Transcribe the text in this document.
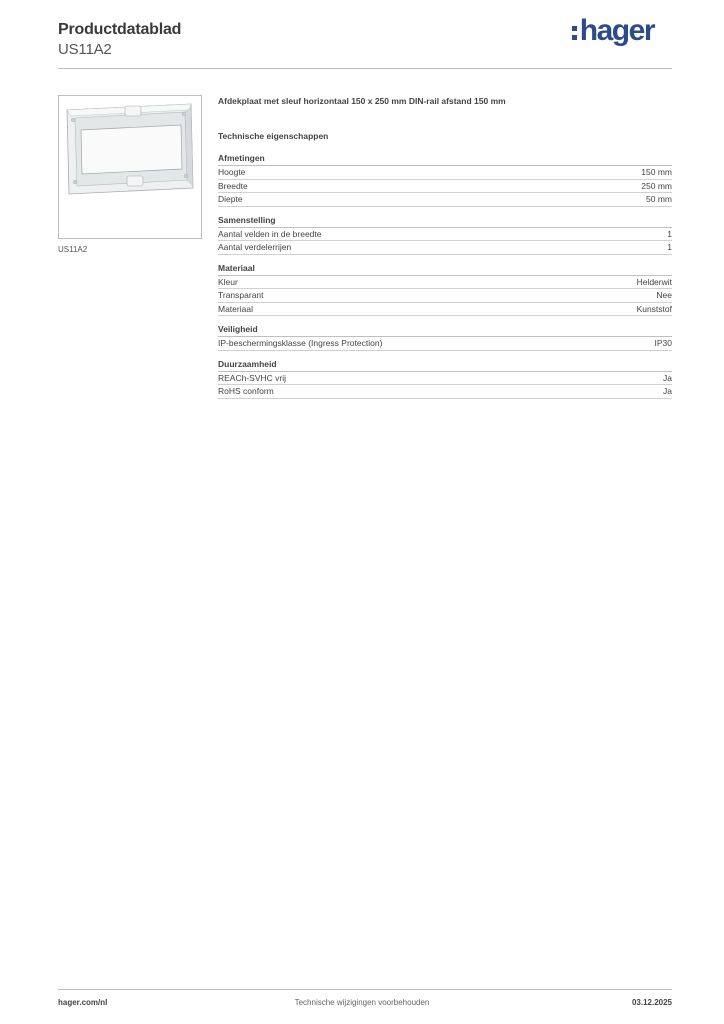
Productdatablad
US11A2
hager
US11A2
Afdekplaat met sleuf horizontaal 150 x 250 mm DIN-rail afstand 150 mm
Technische eigenschappen
Afmetingen
Hoogte	150 mm
Breedte	250 mm
Diepte	50 mm
Samenstelling
Aantal velden in de breedte	1
Aantal verdelerrijen	1
Materiaal
Kleur	Helderwit
Transparant	Nee
Materiaal	Kunststof
Veiligheid
IP-beschermingsklasse (Ingress Protection)	IP30
Duurzaamheid
REACh-SVHC vrij	Ja
RoHS conform	Ja
hager.com/nl	Technische wijzigingen voorbehouden	03.12.2025
